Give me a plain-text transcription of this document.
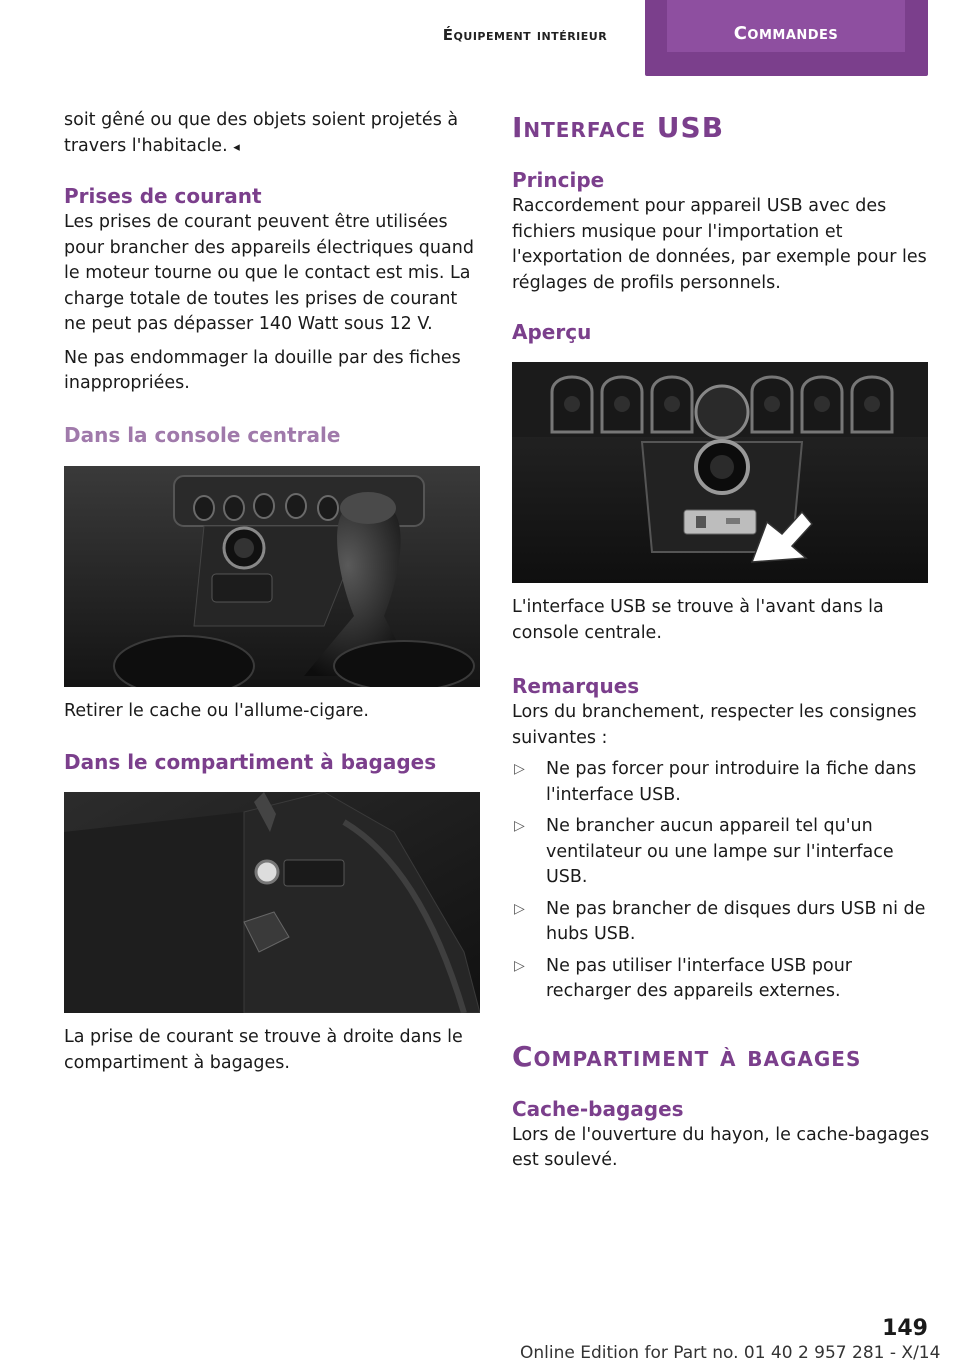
Équipement intérieur	Commandes

soit gêné ou que des objets soient projetés à travers l'habitacle. ◂

Prises de courant

Les prises de courant peuvent être utilisées pour brancher des appareils électriques quand le moteur tourne ou que le contact est mis. La charge totale de toutes les prises de courant ne peut pas dépasser 140 Watt sous 12 V.

Ne pas endommager la douille par des fiches inappropriées.

Dans la console centrale

Retirer le cache ou l'allume-cigare.

Dans le compartiment à bagages

La prise de courant se trouve à droite dans le compartiment à bagages.

Interface USB
Principe

Raccordement pour appareil USB avec des fichiers musique pour l'importation et l'exportation de données, par exemple pour les réglages de profils personnels.

Aperçu

L'interface USB se trouve à l'avant dans la console centrale.

Remarques

Lors du branchement, respecter les consignes suivantes :

▷ Ne pas forcer pour introduire la fiche dans l'interface USB.
▷ Ne brancher aucun appareil tel qu'un ventilateur ou une lampe sur l'interface USB.
▷ Ne pas brancher de disques durs USB ni de hubs USB.
▷ Ne pas utiliser l'interface USB pour recharger des appareils externes.
Compartiment à bagages
Cache-bagages

Lors de l'ouverture du hayon, le cache-bagages est soulevé.

149
Online Edition for Part no. 01 40 2 957 281 - X/14
